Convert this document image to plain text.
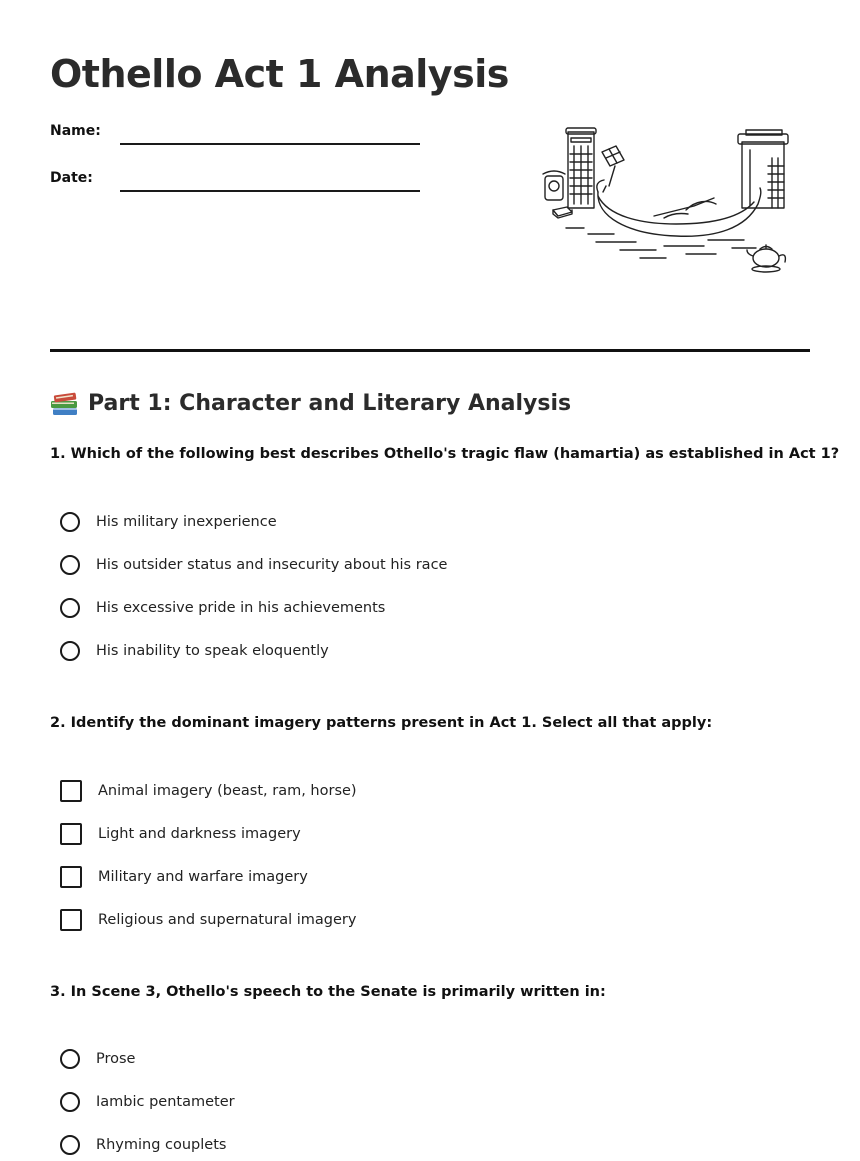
Othello Act 1 Analysis
Name:
Date:
Part 1: Character and Literary Analysis

1. Which of the following best describes Othello's tragic flaw (hamartia) as established in Act 1?

His military inexperience
His outsider status and insecurity about his race
His excessive pride in his achievements
His inability to speak eloquently

2. Identify the dominant imagery patterns present in Act 1. Select all that apply:

Animal imagery (beast, ram, horse)
Light and darkness imagery
Military and warfare imagery
Religious and supernatural imagery

3. In Scene 3, Othello's speech to the Senate is primarily written in:

Prose
Iambic pentameter
Rhyming couplets
